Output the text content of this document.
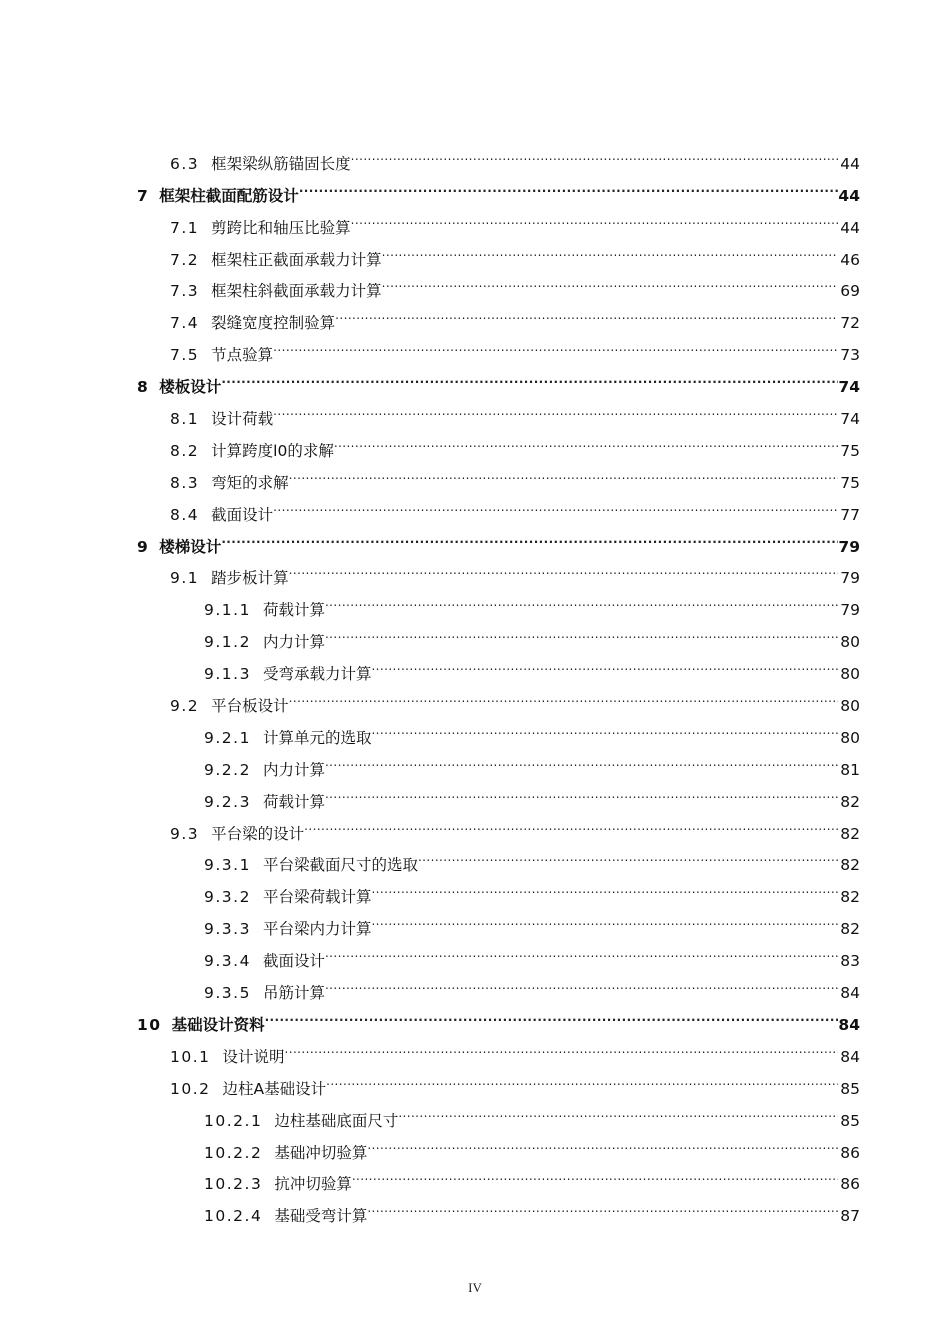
6.3 框架梁纵筋锚固长度 .....	44
7 框架柱截面配筋设计 .....	44
7.1 剪跨比和轴压比验算 .....	44
7.2 框架柱正截面承载力计算 .....	46
7.3 框架柱斜截面承载力计算 .....	69
7.4 裂缝宽度控制验算 .....	72
7.5 节点验算 .....	73
8 楼板设计 .....	74
8.1 设计荷载 .....	74
8.2 计算跨度l0的求解 .....	75
8.3 弯矩的求解 .....	75
8.4 截面设计 .....	77
9 楼梯设计 .....	79
9.1 踏步板计算 .....	79
9.1.1 荷载计算 .....	79
9.1.2 内力计算 .....	80
9.1.3 受弯承载力计算 .....	80
9.2 平台板设计 .....	80
9.2.1 计算单元的选取 .....	80
9.2.2 内力计算 .....	81
9.2.3 荷载计算 .....	82
9.3 平台梁的设计 .....	82
9.3.1 平台梁截面尺寸的选取 .....	82
9.3.2 平台梁荷载计算 .....	82
9.3.3 平台梁内力计算 .....	82
9.3.4 截面设计 .....	83
9.3.5 吊筋计算 .....	84
10 基础设计资料 .....	84
10.1 设计说明 .....	84
10.2 边柱A基础设计 .....	85
10.2.1 边柱基础底面尺寸 .....	85
10.2.2 基础冲切验算 .....	86
10.2.3 抗冲切验算 .....	86
10.2.4 基础受弯计算 .....	87
IV
